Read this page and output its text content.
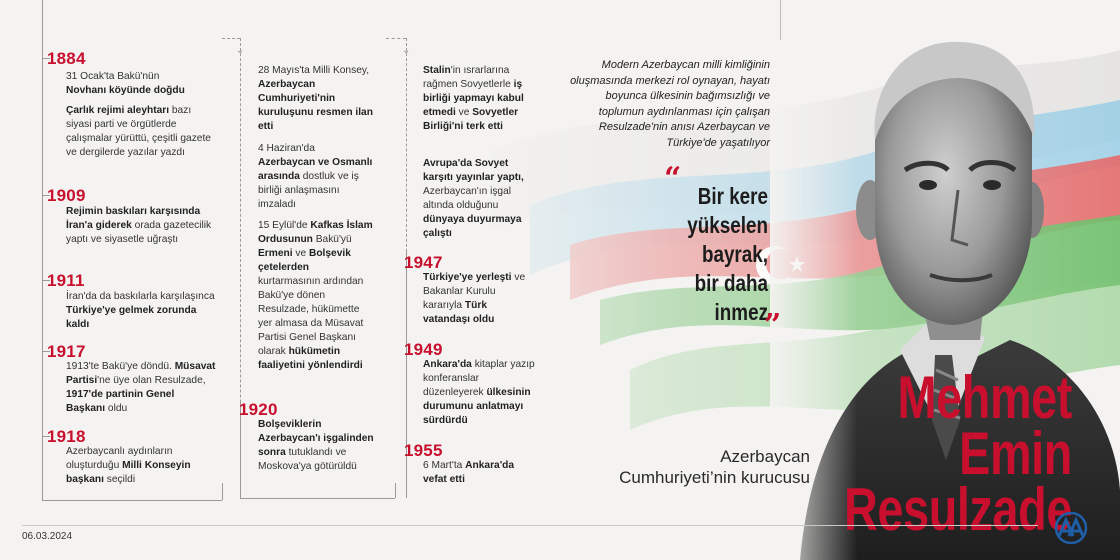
⌄	⌄
1884

31 Ocak'ta Bakü'nün
Novhanı köyünde doğdu

Çarlık rejimi aleyhtarı bazı siyasi parti ve örgütlerde çalışmalar yürüttü, çeşitli gazete ve dergilerde yazılar yazdı

1909

Rejimin baskıları karşısında İran'a giderek orada gazetecilik yaptı ve siyasetle uğraştı

1911

İran'da da baskılarla karşılaşınca Türkiye'ye gelmek zorunda kaldı

1917

1913'te Bakü'ye döndü. Müsavat Partisi'ne üye olan Resulzade, 1917'de partinin Genel Başkanı oldu

1918

Azerbaycanlı aydınların oluşturduğu Milli Konseyin başkanı seçildi

28 Mayıs'ta Milli Konsey, Azerbaycan Cumhuriyeti'nin kuruluşunu resmen ilan etti

4 Haziran'da Azerbaycan ve Osmanlı arasında dostluk ve iş birliği anlaşmasını imzaladı

15 Eylül'de Kafkas İslam Ordusunun Bakü'yü Ermeni ve Bolşevik çetelerden kurtarmasının ardından Bakü'ye dönen Resulzade, hükümette yer almasa da Müsavat Partisi Genel Başkanı olarak hükümetin faaliyetini yönlendirdi

1920

Bolşeviklerin Azerbaycan'ı işgalinden sonra tutuklandı ve Moskova'ya götürüldü

Stalin'in ısrarlarına rağmen Sovyetlerle iş birliği yapmayı kabul etmedi ve Sovyetler Birliği'ni terk etti

Avrupa'da Sovyet karşıtı yayınlar yaptı, Azerbaycan'ın işgal altında olduğunu dünyaya duyurmaya çalıştı

1947

Türkiye'ye yerleşti ve Bakanlar Kurulu kararıyla Türk vatandaşı oldu

1949

Ankara'da kitaplar yazıp konferanslar düzenleyerek ülkesinin durumunu anlatmayı sürdürdü

1955

6 Mart'ta Ankara'da vefat etti

Modern Azerbaycan milli kimliğinin oluşmasında merkezi rol oynayan, hayatı boyunca ülkesinin bağımsızlığı ve toplumun aydınlanması için çalışan Resulzade'nin anısı Azerbaycan ve Türkiye'de yaşatılıyor
“ Bir kere
yükselen
bayrak,
bir daha
inmez
”
Mehmet Emin
Resulzade
Azerbaycan
Cumhuriyeti’nin kurucusu
06.03.2024
